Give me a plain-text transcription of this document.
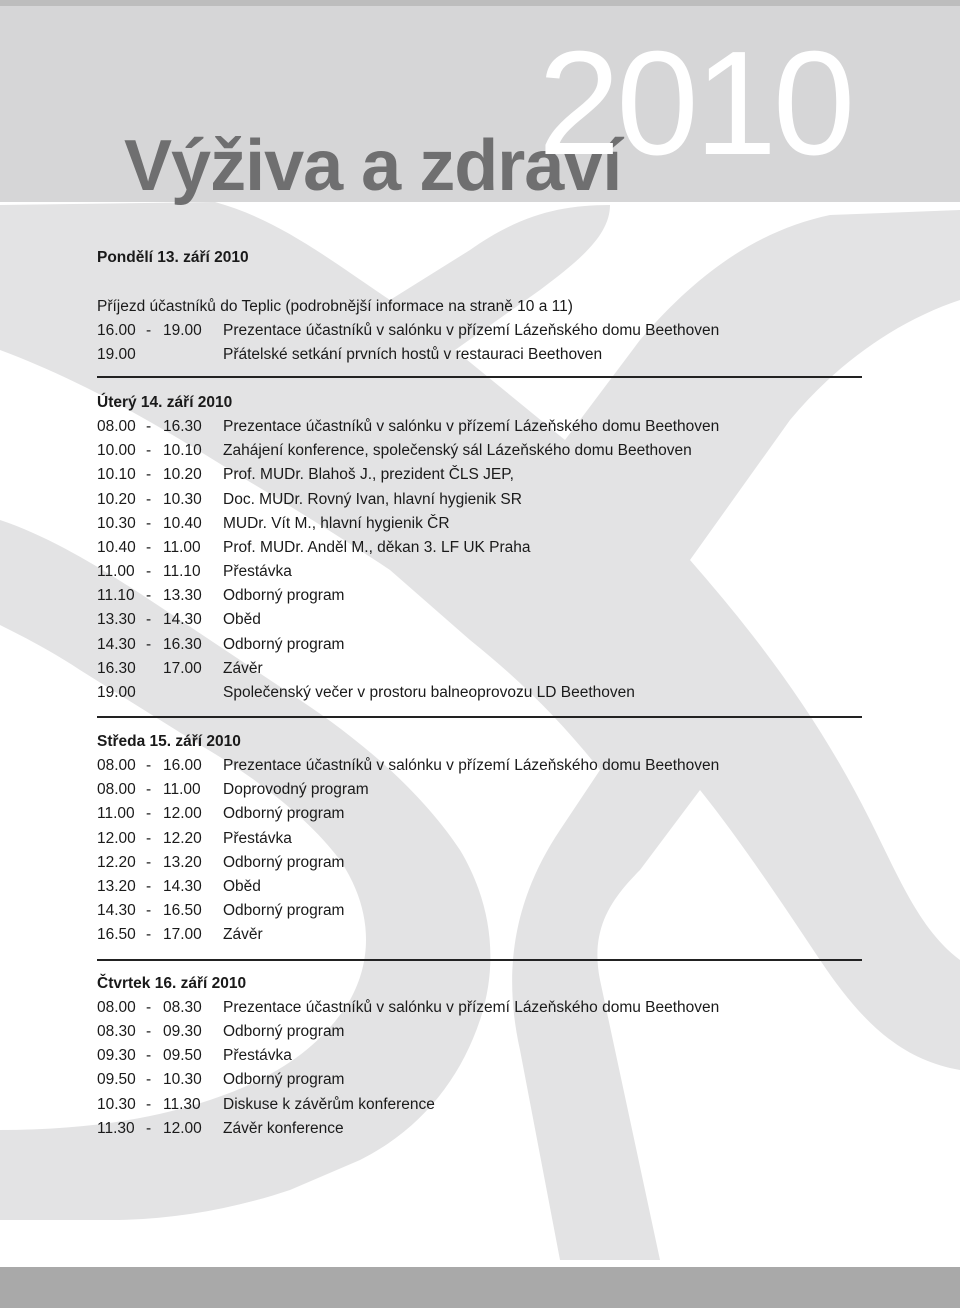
Výživa a zdraví
2010
Pondělí 13. září 2010
Příjezd účastníků do Teplic (podrobnější informace na straně 10 a 11)
16.00 - 19.00 Prezentace účastníků v salónku v přízemí Lázeňského domu Beethoven
19.00	Přátelské setkání prvních hostů v restauraci Beethoven
Úterý 14. září 2010
08.00 - 16.30 Prezentace účastníků v salónku v přízemí Lázeňského domu Beethoven
10.00 - 10.10 Zahájení konference, společenský sál Lázeňského domu Beethoven
10.10 - 10.20 Prof. MUDr. Blahoš J., prezident ČLS JEP,
10.20 - 10.30 Doc. MUDr. Rovný Ivan, hlavní hygienik SR
10.30 - 10.40 MUDr. Vít M., hlavní hygienik ČR
10.40 - 11.00 Prof. MUDr. Anděl M., děkan 3. LF UK Praha
11.00 - 11.10 Přestávka
11.10 - 13.30 Odborný program
13.30 - 14.30 Oběd
14.30 - 16.30 Odborný program
16.30 17.00 Závěr
19.00	Společenský večer v prostoru balneoprovozu LD Beethoven
Středa 15. září 2010
08.00 - 16.00 Prezentace účastníků v salónku v přízemí Lázeňského domu Beethoven
08.00 - 11.00 Doprovodný program
11.00 - 12.00 Odborný program
12.00 - 12.20 Přestávka
12.20 - 13.20 Odborný program
13.20 - 14.30 Oběd
14.30 - 16.50 Odborný program
16.50 - 17.00 Závěr
Čtvrtek 16. září 2010
08.00 - 08.30 Prezentace účastníků v salónku v přízemí Lázeňského domu Beethoven
08.30 - 09.30 Odborný program
09.30 - 09.50 Přestávka
09.50 - 10.30 Odborný program
10.30 - 11.30 Diskuse k závěrům konference
11.30 - 12.00 Závěr konference
